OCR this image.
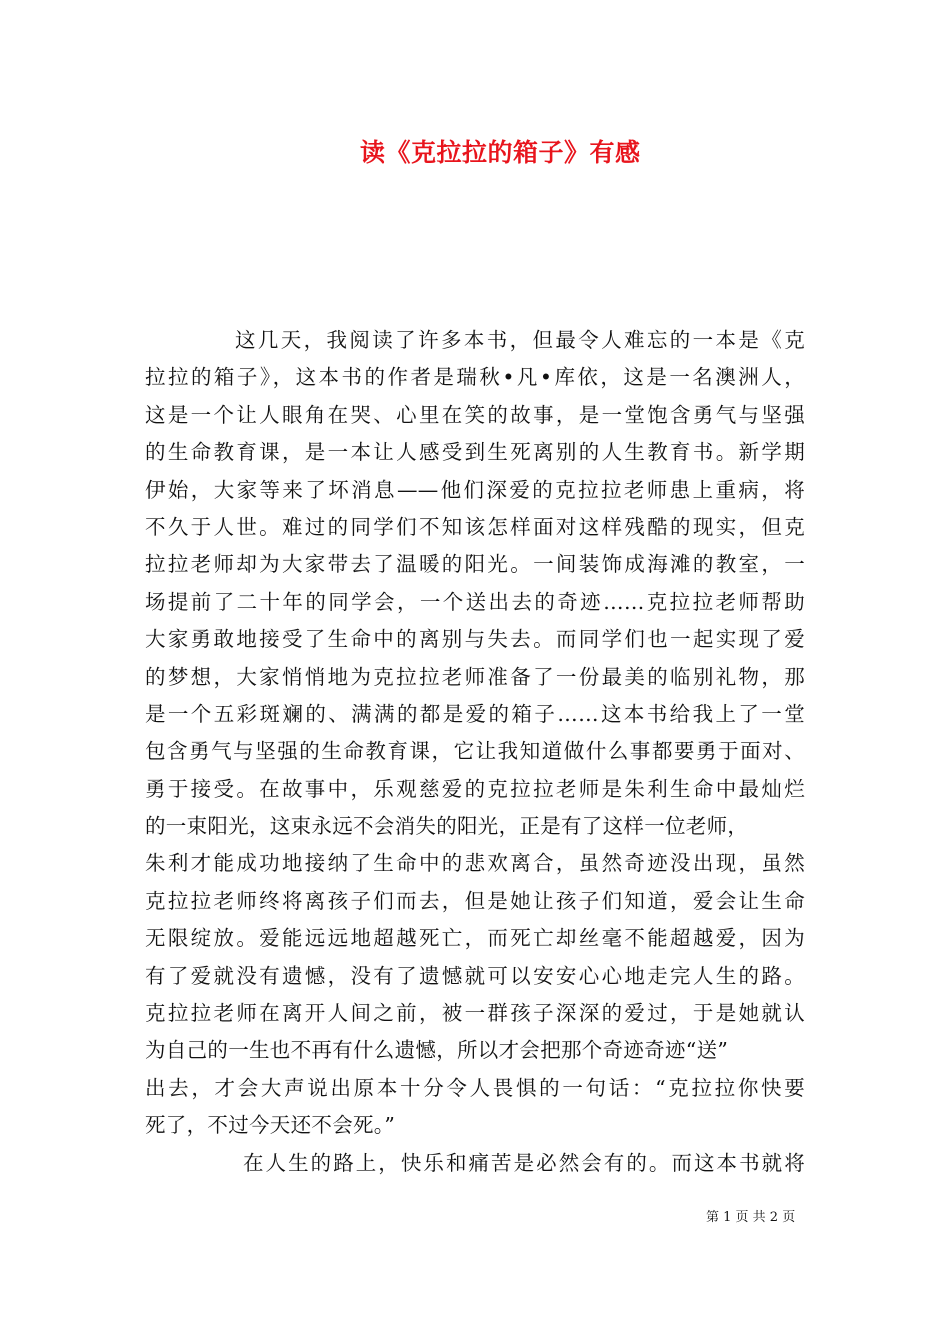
读《克拉拉的箱子》有感
这几天，我阅读了许多本书，但最令人难忘的一本是《克
拉拉的箱子》，这本书的作者是瑞秋•凡•库依，这是一名澳洲人，
这是一个让人眼角在哭、心里在笑的故事，是一堂饱含勇气与坚强
的生命教育课，是一本让人感受到生死离别的人生教育书。新学期
伊始，大家等来了坏消息——他们深爱的克拉拉老师患上重病，将
不久于人世。难过的同学们不知该怎样面对这样残酷的现实，但克
拉拉老师却为大家带去了温暖的阳光。一间装饰成海滩的教室，一
场提前了二十年的同学会，一个送出去的奇迹……克拉拉老师帮助
大家勇敢地接受了生命中的离别与失去。而同学们也一起实现了爱
的梦想，大家悄悄地为克拉拉老师准备了一份最美的临别礼物，那
是一个五彩斑斓的、满满的都是爱的箱子……这本书给我上了一堂
包含勇气与坚强的生命教育课，它让我知道做什么事都要勇于面对、
勇于接受。在故事中，乐观慈爱的克拉拉老师是朱利生命中最灿烂
的一束阳光，这束永远不会消失的阳光，正是有了这样一位老师，
朱利才能成功地接纳了生命中的悲欢离合，虽然奇迹没出现，虽然
克拉拉老师终将离孩子们而去，但是她让孩子们知道，爱会让生命
无限绽放。爱能远远地超越死亡，而死亡却丝毫不能超越爱，因为
有了爱就没有遗憾，没有了遗憾就可以安安心心地走完人生的路。
克拉拉老师在离开人间之前，被一群孩子深深的爱过，于是她就认
为自己的一生也不再有什么遗憾，所以才会把那个奇迹奇迹“送”
出去，才会大声说出原本十分令人畏惧的一句话：“克拉拉你快要
死了，不过今天还不会死。”
在人生的路上，快乐和痛苦是必然会有的。而这本书就将
第 1 页 共 2 页
